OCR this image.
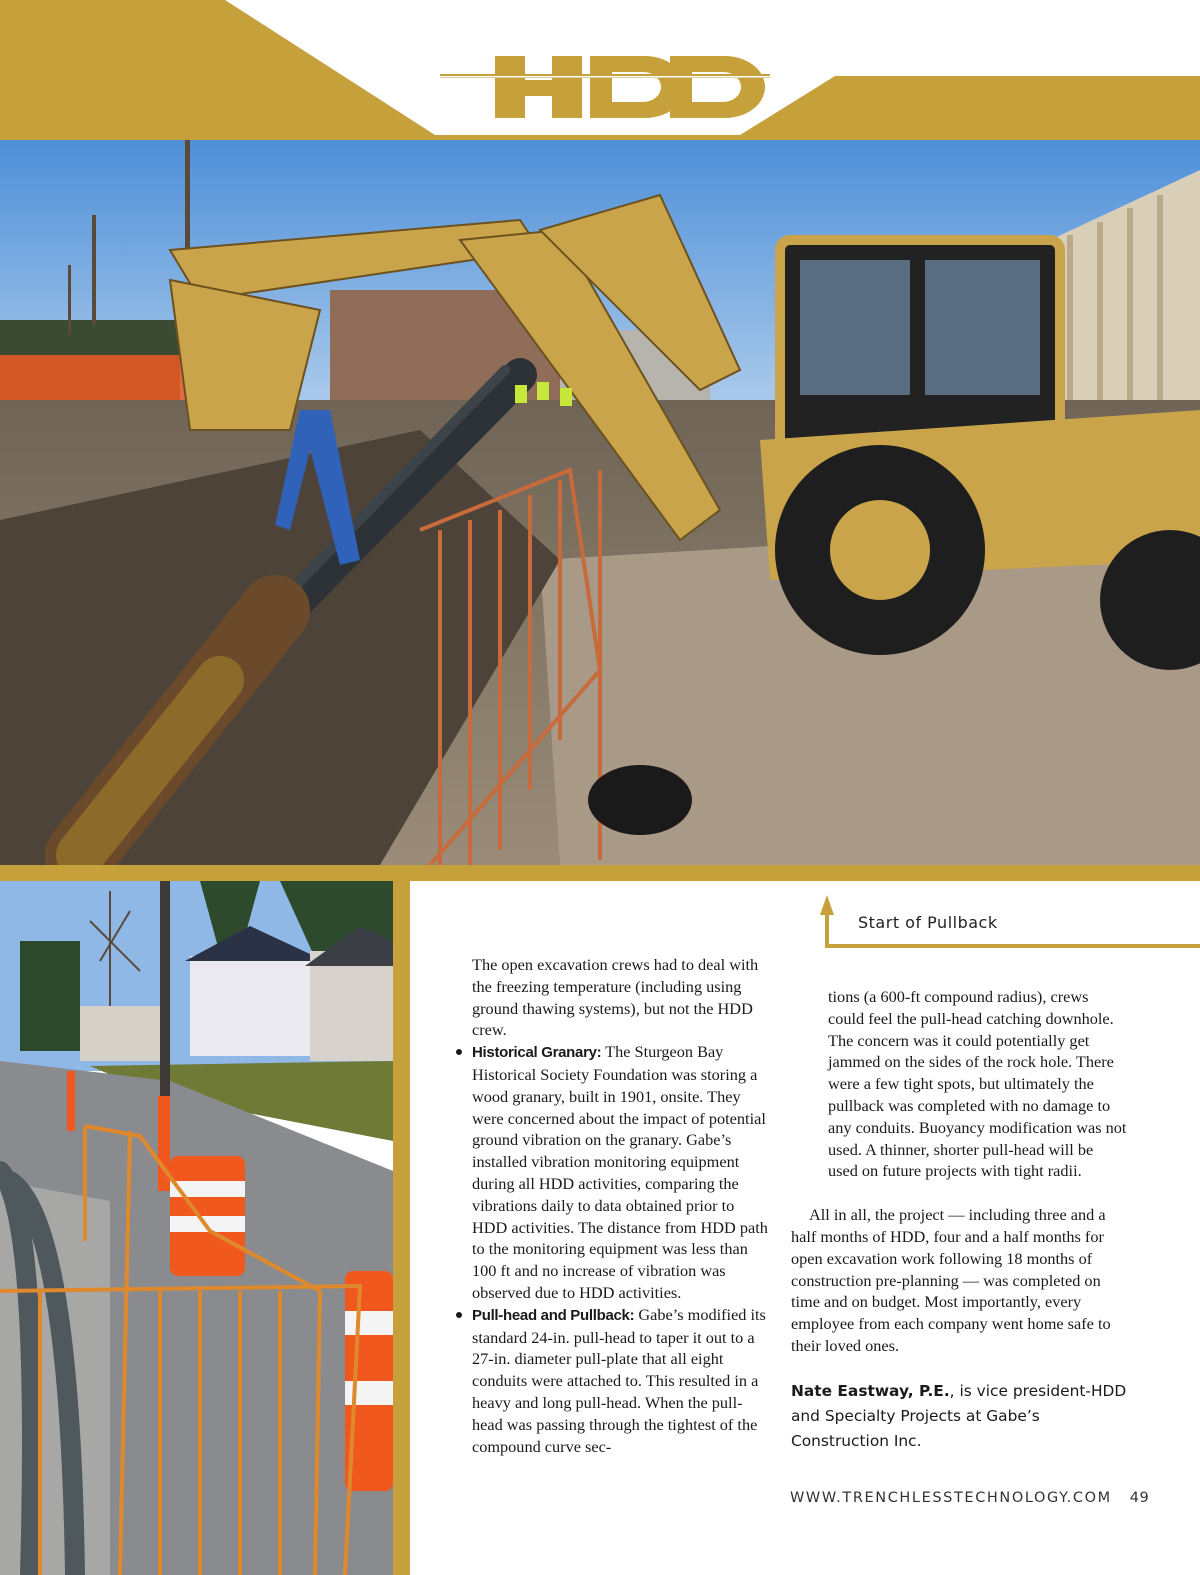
Start of Pullback

The open excavation crews had to deal with the freezing temperature (including using ground thawing systems), but not the HDD crew.

Historical Granary: The Sturgeon Bay Historical Society Foundation was storing a wood granary, built in 1901, onsite. They were concerned about the impact of potential ground vibration on the granary. Gabe’s installed vibration monitoring equipment during all HDD activities, comparing the vibrations daily to data obtained prior to HDD activities. The distance from HDD path to the monitoring equipment was less than 100 ft and no increase of vibration was observed due to HDD activities.
Pull-head and Pullback: Gabe’s modified its standard 24-in. pull-head to taper it out to a 27-in. diameter pull-plate that all eight conduits were attached to. This resulted in a heavy and long pull-head. When the pull-head was passing through the tightest of the compound curve sec-

tions (a 600-ft compound radius), crews could feel the pull-head catching downhole. The concern was it could potentially get jammed on the sides of the rock hole. There were a few tight spots, but ultimately the pullback was completed with no damage to any conduits. Buoyancy modification was not used. A thinner, shorter pull-head will be used on future projects with tight radii.

All in all, the project — including three and a half months of HDD, four and a half months for open excavation work following 18 months of construction pre-planning — was completed on time and on budget. Most importantly, every employee from each company went home safe to their loved ones.

Nate Eastway, P.E., is vice president-HDD and Specialty Projects at Gabe’s Construction Inc.

WWW.TRENCHLESSTECHNOLOGY.COM 49
